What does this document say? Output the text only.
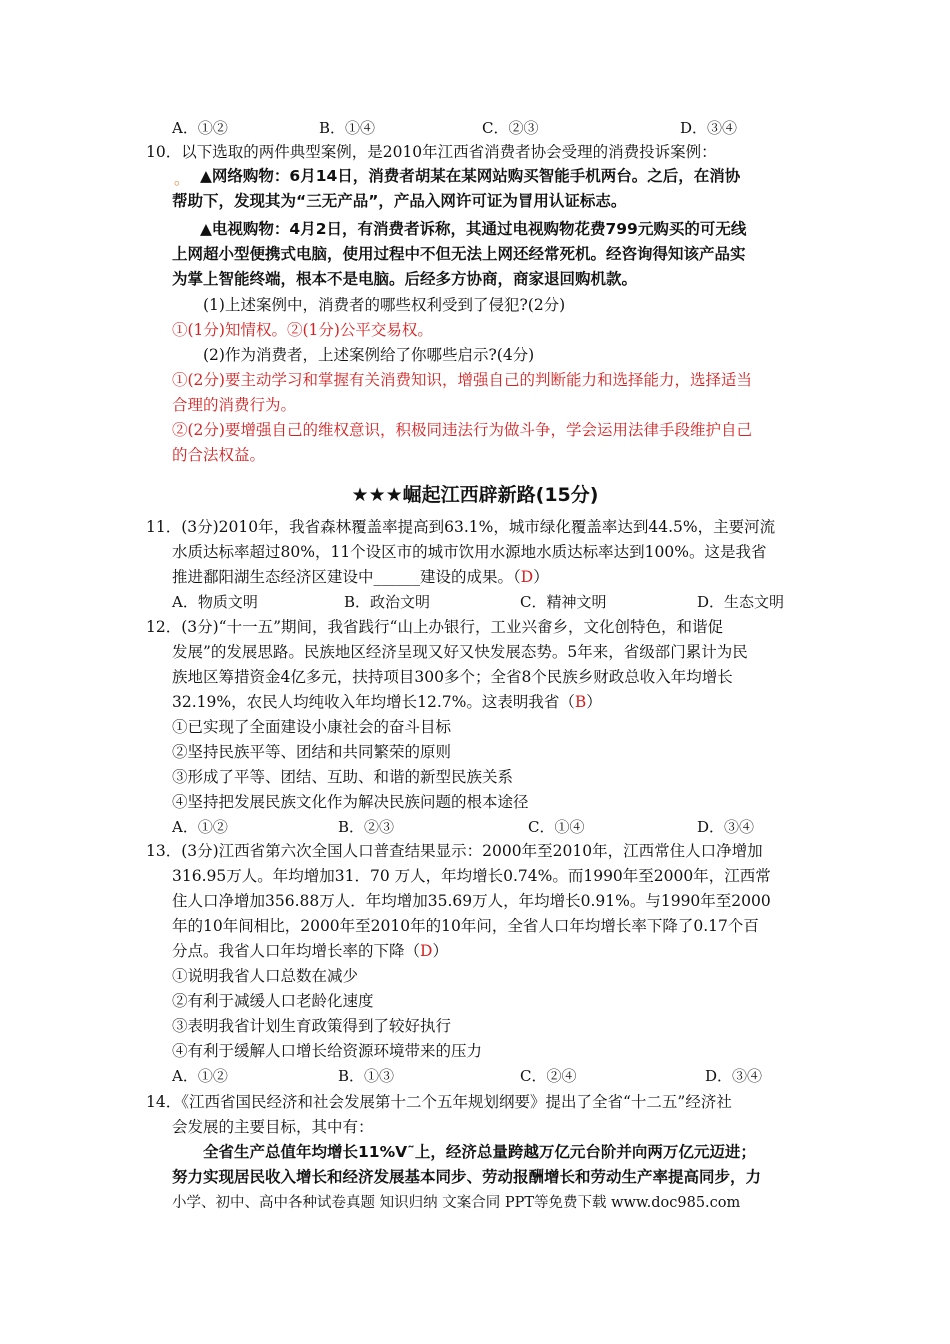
A．①②	B．①④	C．②③	D．③④
10．以下选取的两件典型案例，是2010年江西省消费者协会受理的消费投诉案例：
。 ▲网络购物：6月14日，消费者胡某在某网站购买智能手机两台。之后，在消协
帮助下，发现其为“三无产品”，产品入网许可证为冒用认证标志。
▲电视购物：4月2日，有消费者诉称，其通过电视购物花费799元购买的可无线
上网超小型便携式电脑，使用过程中不但无法上网还经常死机。经咨询得知该产品实
为掌上智能终端，根本不是电脑。后经多方协商，商家退回购机款。
(1)上述案例中，消费者的哪些权利受到了侵犯?(2分)
①(1分)知情权。②(1分)公平交易权。
(2)作为消费者，上述案例给了你哪些启示?(4分)
①(2分)要主动学习和掌握有关消费知识，增强自己的判断能力和选择能力，选择适当
合理的消费行为。
②(2分)要增强自己的维权意识，积极同违法行为做斗争，学会运用法律手段维护自己
的合法权益。
★★★崛起江西辟新路(15分)
11．(3分)2010年，我省森林覆盖率提高到63.1%，城市绿化覆盖率达到44.5%，主要河流
水质达标率超过80%，11个设区市的城市饮用水源地水质达标率达到100%。这是我省
推进鄱阳湖生态经济区建设中______建设的成果。（D）
A．物质文明	B．政治文明	C．精神文明	D．生态文明
12．(3分)“十一五”期间，我省践行“山上办银行，工业兴畲乡，文化创特色，和谐促
发展”的发展思路。民族地区经济呈现又好又快发展态势。5年来，省级部门累计为民
族地区筹措资金4亿多元，扶持项目300多个；全省8个民族乡财政总收入年均增长
32.19%，农民人均纯收入年均增长12.7%。这表明我省（B）
①已实现了全面建设小康社会的奋斗目标
②坚持民族平等、团结和共同繁荣的原则
③形成了平等、团结、互助、和谐的新型民族关系
④坚持把发展民族文化作为解决民族问题的根本途径
A．①②	B．②③	C．①④	D．③④
13．(3分)江西省第六次全国人口普查结果显示：2000年至2010年，江西常住人口净增加
316.95万人。年均增加31．70 万人，年均增长0.74%。而1990年至2000年，江西常
住人口净增加356.88万人．年均增加35.69万人，年均增长0.91%。与1990年至2000
年的10年间相比，2000年至2010年的10年问，全省人口年均增长率下降了0.17个百
分点。我省人口年均增长率的下降（D）
①说明我省人口总数在减少
②有利于减缓人口老龄化速度
③表明我省计划生育政策得到了较好执行
④有利于缓解人口增长给资源环境带来的压力
A．①②	B．①③	C．②④	D．③④
14．《江西省国民经济和社会发展第十二个五年规划纲要》提出了全省“十二五”经济社
会发展的主要目标，其中有：
全省生产总值年均增长11%V˜上，经济总量跨越万亿元台阶并向两万亿元迈进；
努力实现居民收入增长和经济发展基本同步、劳动报酬增长和劳动生产率提高同步，力
小学、初中、高中各种试卷真题 知识归纳 文案合同 PPT等免费下载 www.doc985.com
